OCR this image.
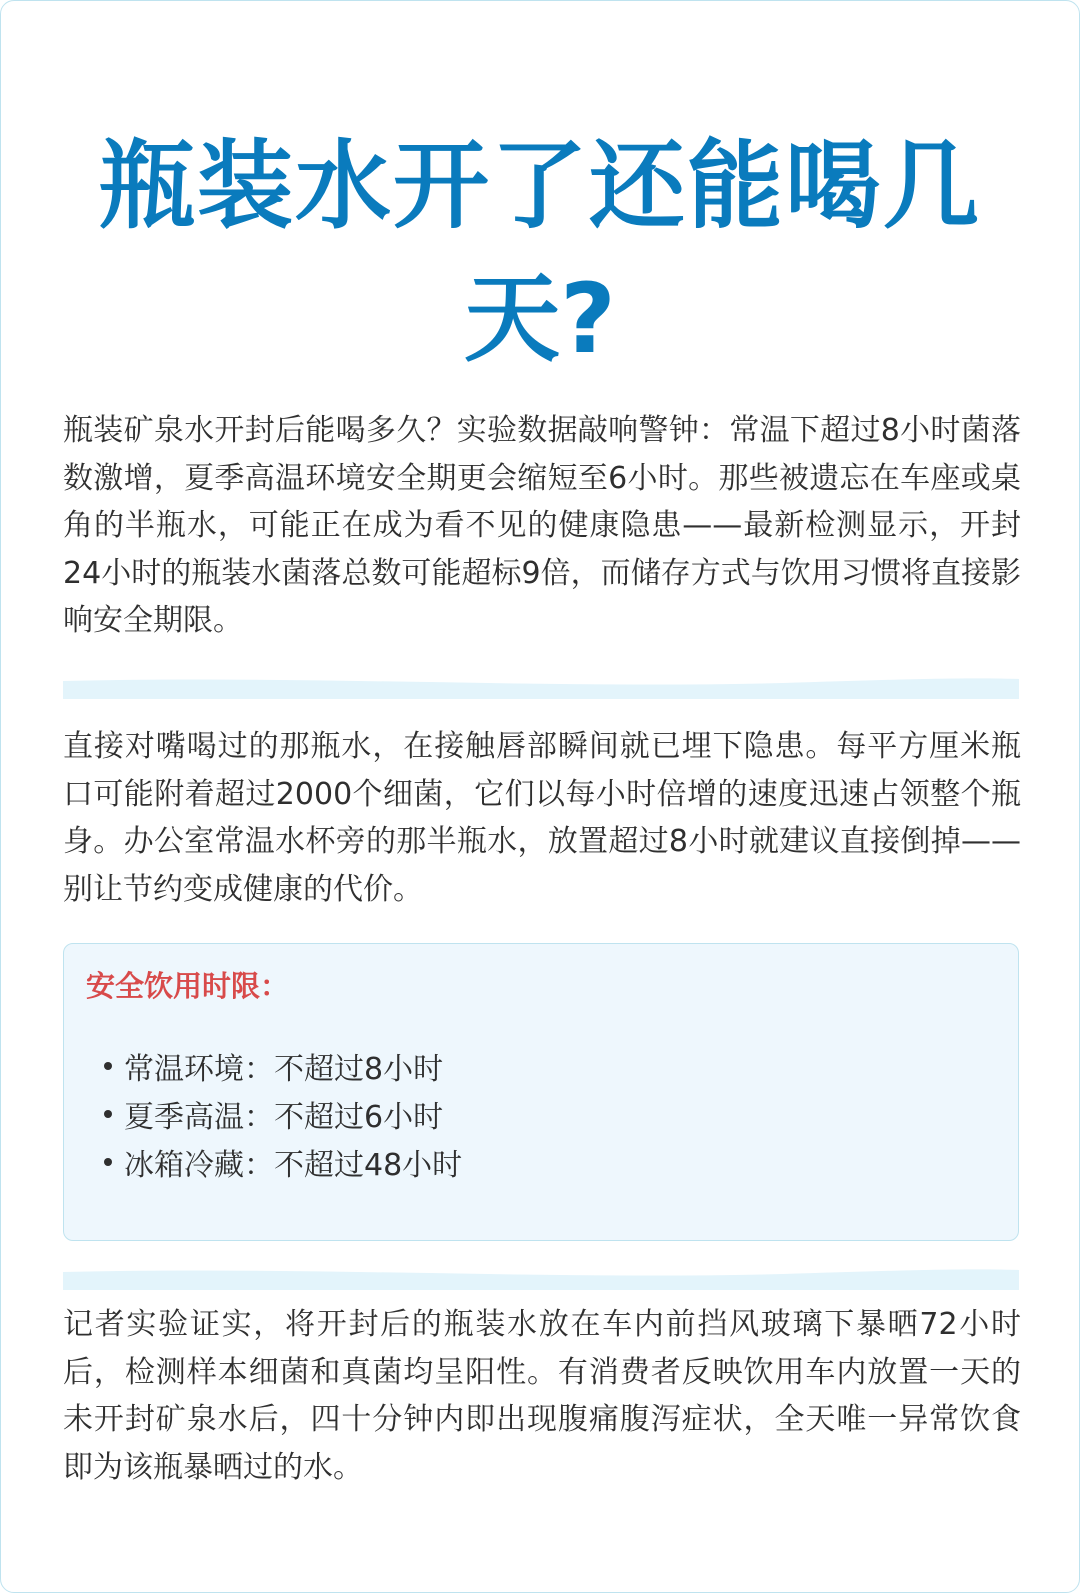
瓶装水开了还能喝几
天?

瓶装矿泉水开封后能喝多久？实验数据敲响警钟：常温下超过8小时菌落数激增，夏季高温环境安全期更会缩短至6小时。那些被遗忘在车座或桌角的半瓶水，可能正在成为看不见的健康隐患——最新检测显示，开封24小时的瓶装水菌落总数可能超标9倍，而储存方式与饮用习惯将直接影响安全期限。

直接对嘴喝过的那瓶水，在接触唇部瞬间就已埋下隐患。每平方厘米瓶口可能附着超过2000个细菌，它们以每小时倍增的速度迅速占领整个瓶身。办公室常温水杯旁的那半瓶水，放置超过8小时就建议直接倒掉——别让节约变成健康的代价。

安全饮用时限：

常温环境：不超过8小时
夏季高温：不超过6小时
冰箱冷藏：不超过48小时

记者实验证实，将开封后的瓶装水放在车内前挡风玻璃下暴晒72小时后，检测样本细菌和真菌均呈阳性。有消费者反映饮用车内放置一天的未开封矿泉水后，四十分钟内即出现腹痛腹泻症状，全天唯一异常饮食即为该瓶暴晒过的水。
